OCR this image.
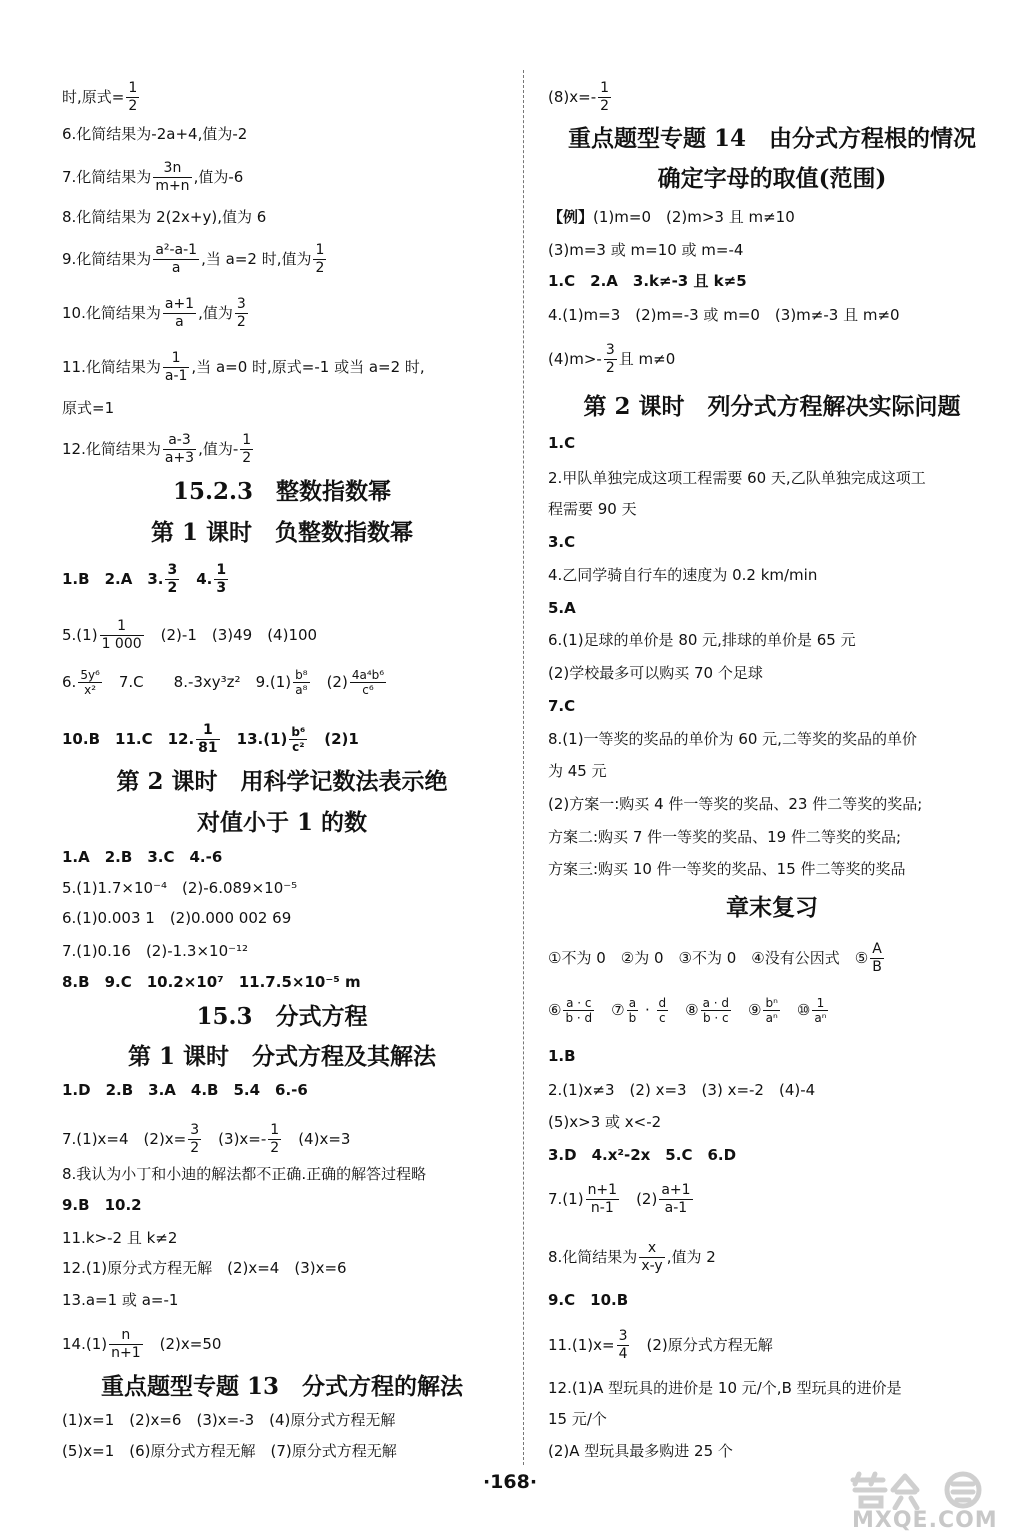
时,原式= $\frac{1}{2}$
6.化简结果为-2a+4,值为-2
7.化简结果为 $\frac{3n}{m+n}$ ,值为-6
8.化简结果为 2(2x+y),值为 6
9.化简结果为 $\frac{\text{a²-a-1}}{a}$ ,当 a=2 时,值为 $\frac{1}{2}$
10.化简结果为 $\frac{a+1}{a}$ ,值为 $\frac{3}{2}$
11.化简结果为 $\frac{1}{a-1}$ ,当 a=0 时,原式=-1 或当 a=2 时,
原式=1
12.化简结果为 $\frac{a-3}{a+3}$ ,值为- $\frac{1}{2}$
15.2.3　整数指数幂
第 1 课时　负整数指数幂
1.B　2.A　3. $\frac{3}{2}$ 　4. $\frac{1}{3}$
$5.(1) \frac{1}{1 000}$ 　(2)-1　(3)49　(4)100
6. $\frac{\text{5y⁶}}{\text{x²}}$ 　7.C　　8.-3xy³z²　$9.(1) \frac{\text{b⁸}}{\text{a⁸}}$ 　$(2) \frac{\text{4a⁴b⁶}}{\text{c⁶}}$
10.B　11.C　12. $\frac{1}{81}$ 　$13.(1) \frac{\text{b⁶}}{\text{c²}}$ 　(2)1
第 2 课时　用科学记数法表示绝
对值小于 1 的数
1.A　2.B　3.C　4.-6
5.(1)1.7×10⁻⁴　(2)-6.089×10⁻⁵
6.(1)0.003 1　(2)0.000 002 69
7.(1)0.16　(2)-1.3×10⁻¹²
8.B　9.C　10.2×10⁷　11.7.5×10⁻⁵ m
15.3　分式方程
第 1 课时　分式方程及其解法
1.D　2.B　3.A　4.B　5.4　6.-6
7.(1)x=4　$(2)x= \frac{3}{2}$ 　$(3)x=- \frac{1}{2}$ 　(4)x=3
8.我认为小丁和小迪的解法都不正确.正确的解答过程略
9.B　10.2
11.k>-2 且 k≠2
12.(1)原分式方程无解　(2)x=4　(3)x=6
13.a=1 或 a=-1
$14.(1) \frac{n}{n+1}$ 　(2)x=50
重点题型专题 13　分式方程的解法
(1)x=1　(2)x=6　(3)x=-3　(4)原分式方程无解
(5)x=1　(6)原分式方程无解　(7)原分式方程无解
$(8)x=- \frac{1}{2}$
重点题型专题 14　由分式方程根的情况
确定字母的取值(范围)
【例】(1)m=0　(2)m>3 且 m≠10
(3)m=3 或 m=10 或 m=-4
1.C　2.A　3.k≠-3 且 k≠5
4.(1)m=3　(2)m=-3 或 m=0　(3)m≠-3 且 m≠0
$(4)m>- \frac{3}{2}$ 且 m≠0
第 2 课时　列分式方程解决实际问题
1.C
2.甲队单独完成这项工程需要 60 天,乙队单独完成这项工
程需要 90 天
3.C
4.乙同学骑自行车的速度为 0.2 km/min
5.A
6.(1)足球的单价是 80 元,排球的单价是 65 元
(2)学校最多可以购买 70 个足球
7.C
8.(1)一等奖的奖品的单价为 60 元,二等奖的奖品的单价
为 45 元
(2)方案一:购买 4 件一等奖的奖品、23 件二等奖的奖品;
方案二:购买 7 件一等奖的奖品、19 件二等奖的奖品;
方案三:购买 10 件一等奖的奖品、15 件二等奖的奖品
章末复习
①不为 0　②为 0　③不为 0　④没有公因式　⑤ $\frac{A}{B}$
⑥ $\frac{a \cdot c}{b \cdot d}$ 　⑦ $\frac{a}{b} \cdot \frac{d}{c}$ 　⑧ $\frac{a \cdot d}{b \cdot c}$ 　⑨ $\frac{\text{bⁿ}}{\text{aⁿ}}$ 　⑩ $\frac{1}{\text{aⁿ}}$
1.B
2.(1)x≠3　(2) x=3　(3) x=-2　(4)-4
(5)x>3 或 x<-2
3.D　4.x²-2x　5.C　6.D
$7.(1) \frac{n+1}{n-1}$ 　$(2) \frac{a+1}{a-1}$
8.化简结果为 $\frac{x}{x-y}$ ,值为 2
9.C　10.B
$11.(1)x= \frac{3}{4}$ 　(2)原分式方程无解
12.(1)A 型玩具的进价是 10 元/个,B 型玩具的进价是
15 元/个
(2)A 型玩具最多购进 25 个
·168·
MXQE.COM
